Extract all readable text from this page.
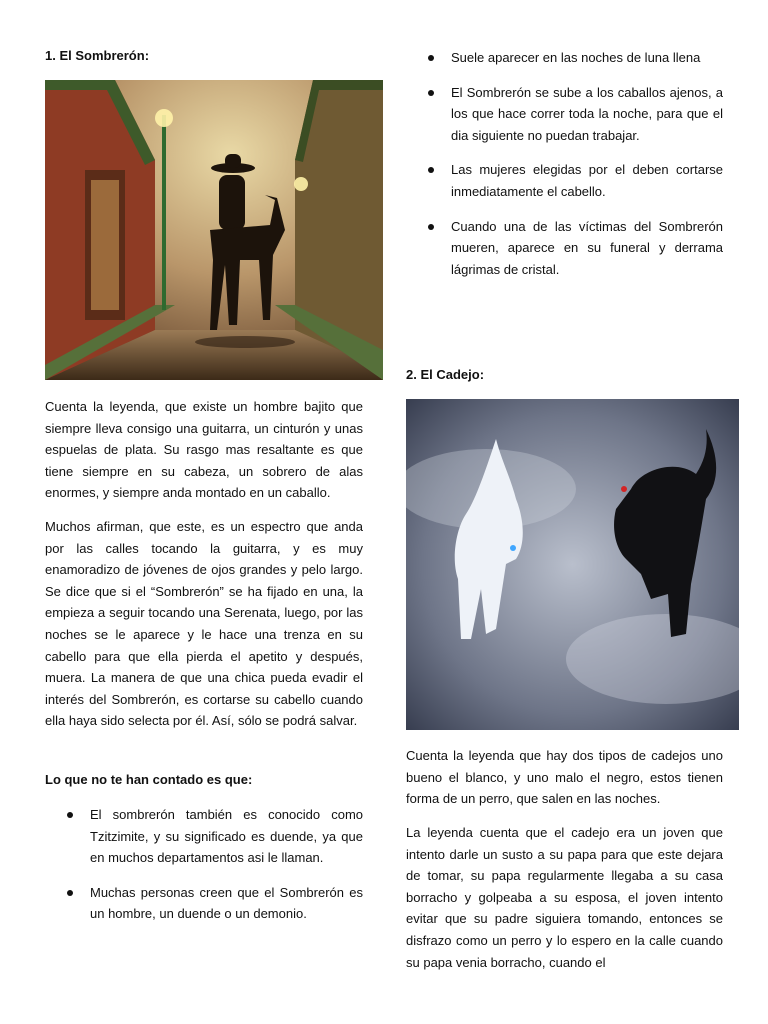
1. El Sombrerón:

Cuenta la leyenda, que existe un hombre bajito que siempre lleva consigo una guitarra, un cinturón y unas espuelas de plata. Su rasgo mas resaltante es que tiene siempre en su cabeza, un sobrero de alas enormes, y siempre anda montado en un caballo.

Muchos afirman, que este, es un espectro que anda por las calles tocando la guitarra, y es muy enamoradizo de jóvenes de ojos grandes y pelo largo. Se dice que si el “Sombrerón” se ha fijado en una, la empieza a seguir tocando una Serenata, luego, por las noches se le aparece y le hace una trenza en su cabello para que ella pierda el apetito y después, muera. La manera de que una chica pueda evadir el interés del Sombrerón, es cortarse su cabello cuando ella haya sido selecta por él. Así, sólo se podrá salvar.

Lo que no te han contado es que:

El sombrerón también es conocido como Tzitzimite, y su significado es duende, ya que en muchos departamentos asi le llaman.
Muchas personas creen que el Sombrerón es un hombre, un duende o un demonio.
Suele aparecer en las noches de luna llena
El Sombrerón se sube a los caballos ajenos, a los que hace correr toda la noche, para que el dia siguiente no puedan trabajar.
Las mujeres elegidas por el deben cortarse inmediatamente el cabello.
Cuando una de las víctimas del Sombrerón mueren, aparece en su funeral y derrama lágrimas de cristal.
2. El Cadejo:

Cuenta la leyenda que hay dos tipos de cadejos uno bueno el blanco, y uno malo el negro, estos tienen forma de un perro, que salen en las noches.

La leyenda cuenta que el cadejo era un joven que intento darle un susto a su papa para que este dejara de tomar, su papa regularmente llegaba a su casa borracho y golpeaba a su esposa, el joven intento evitar que su padre siguiera tomando, entonces se disfrazo como un perro y lo espero en la calle cuando su papa venia borracho, cuando el
